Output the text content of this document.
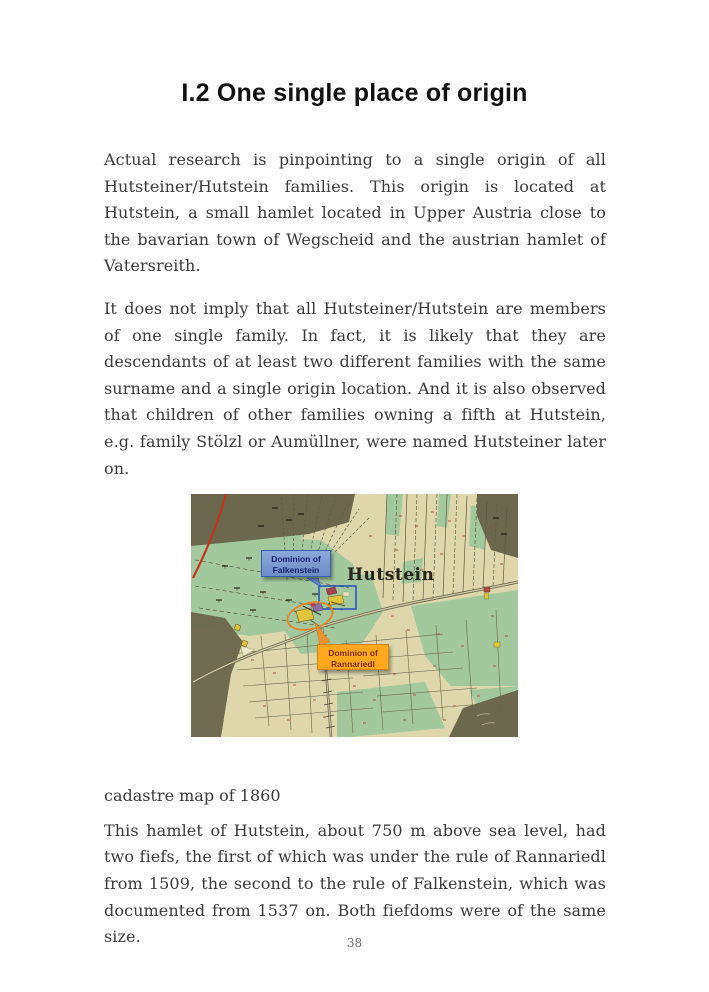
I.2 One single place of origin

Actual research is pinpointing to a single origin of all Hutsteiner/Hutstein families. This origin is located at Hutstein, a small hamlet located in Upper Austria close to the bavarian town of Wegscheid and the austrian hamlet of Vatersreith.

It does not imply that all Hutsteiner/Hutstein are members of one single family. In fact, it is likely that they are descendants of at least two different families with the same surname and a single origin location. And it is also observed that children of other families owning a fifth at Hutstein, e.g. family Stölzl or Aumüllner, were named Hutsteiner later on.

Dominion of
Falkenstein	Hutstein
Dominion of
Rannariedl

cadastre map of 1860

This hamlet of Hutstein, about 750 m above sea level, had two fiefs, the first of which was under the rule of Rannariedl from 1509, the second to the rule of Falkenstein, which was documented from 1537 on. Both fiefdoms were of the same size.	38
